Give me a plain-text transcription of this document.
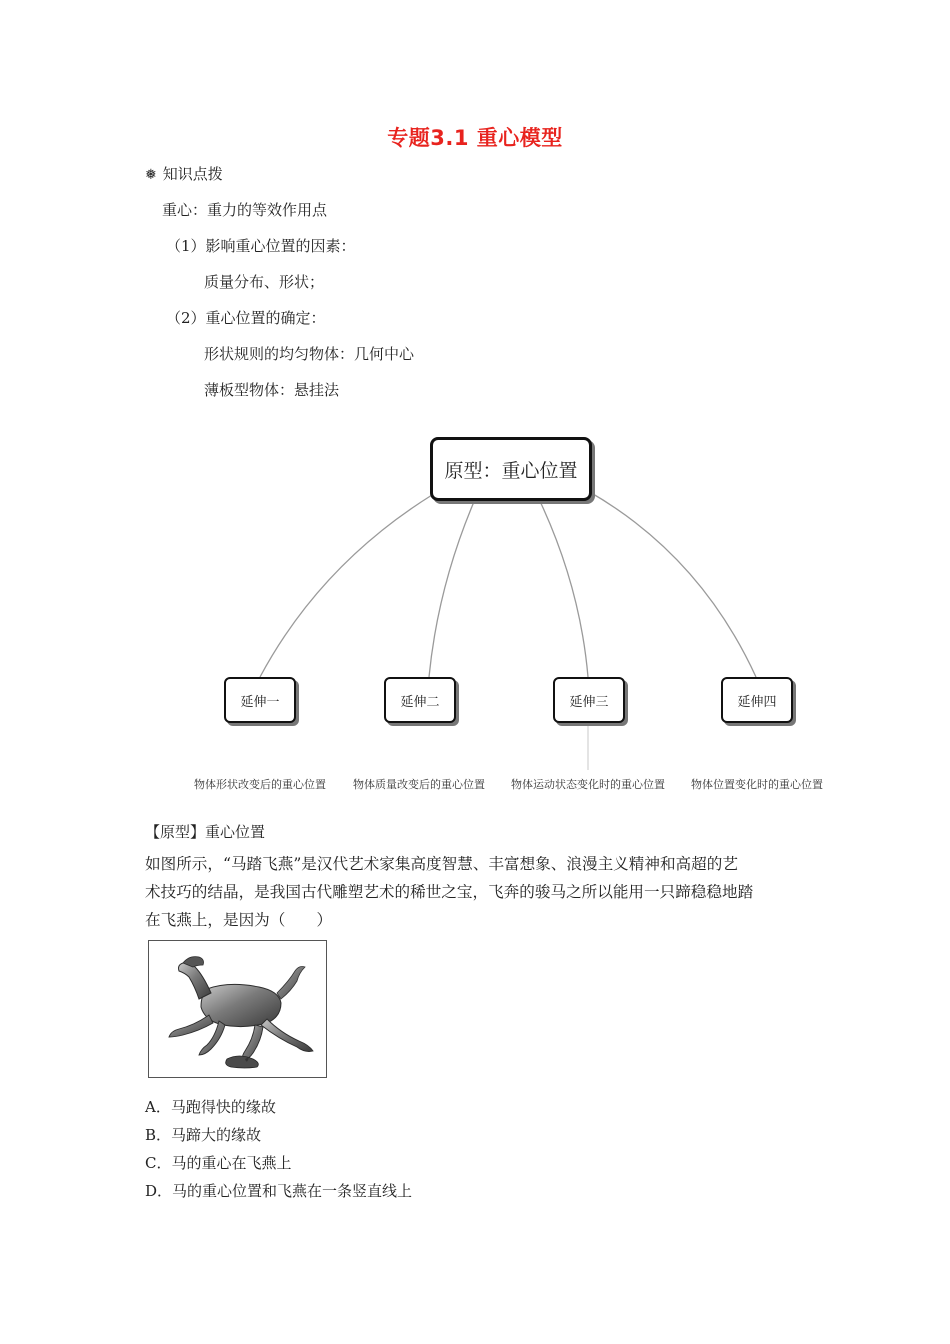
专题3.1 重心模型
❅ 知识点拨
重心：重力的等效作用点
（1）影响重心位置的因素：
质量分布、形状；
（2）重心位置的确定：
形状规则的均匀物体：几何中心
薄板型物体：悬挂法
原型：重心位置
延伸一	延伸二	延伸三	延伸四
物体形状改变后的重心位置 物体质量改变后的重心位置 物体运动状态变化时的重心位置 物体位置变化时的重心位置
【原型】重心位置
如图所示，“马踏飞燕”是汉代艺术家集高度智慧、丰富想象、浪漫主义精神和高超的艺
术技巧的结晶，是我国古代雕塑艺术的稀世之宝，飞奔的骏马之所以能用一只蹄稳稳地踏
在飞燕上，是因为（　　）
A．马跑得快的缘故
B．马蹄大的缘故
C．马的重心在飞燕上
D．马的重心位置和飞燕在一条竖直线上
